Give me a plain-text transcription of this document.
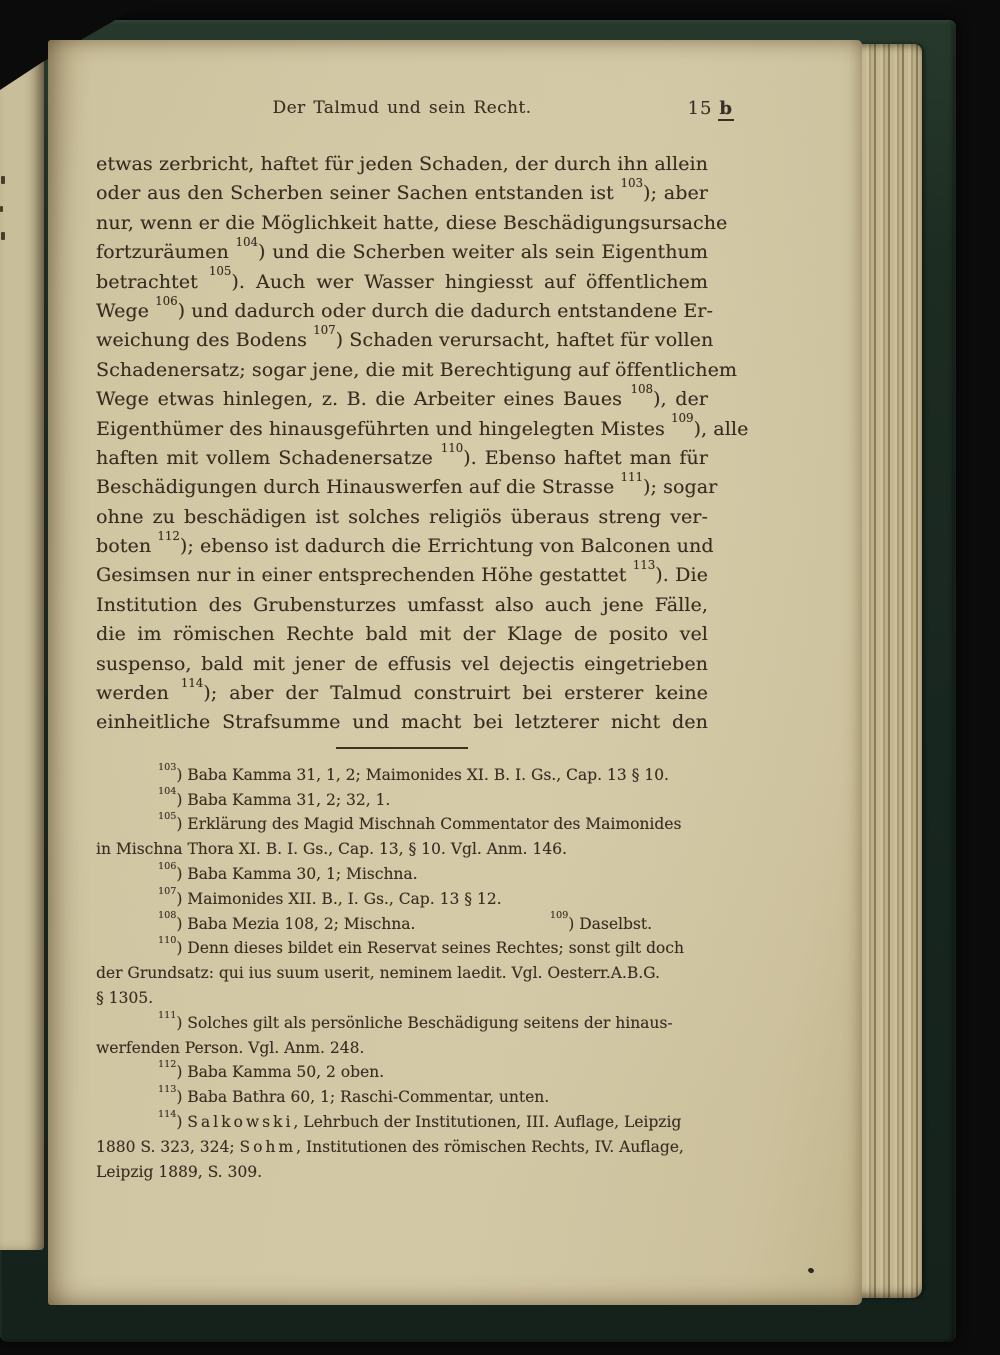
Der Talmud und sein Recht.	15 b
etwas zerbricht, haftet für jeden Schaden, der durch ihn allein
oder aus den Scherben seiner Sachen entstanden ist $^{103}$); aber
nur, wenn er die Möglichkeit hatte, diese Beschädigungsursache
fortzuräumen $^{104}$) und die Scherben weiter als sein Eigenthum
betrachtet $^{105}$). Auch wer Wasser hingiesst auf öffentlichem
Wege $^{106}$) und dadurch oder durch die dadurch entstandene Er-
weichung des Bodens $^{107}$) Schaden verursacht, haftet für vollen
Schadenersatz; sogar jene, die mit Berechtigung auf öffentlichem
Wege etwas hinlegen, z. B. die Arbeiter eines Baues $^{108}$), der
Eigenthümer des hinausgeführten und hingelegten Mistes $^{109}$), alle
haften mit vollem Schadenersatze $^{110}$). Ebenso haftet man für
Beschädigungen durch Hinauswerfen auf die Strasse $^{111}$); sogar
ohne zu beschädigen ist solches religiös überaus streng ver-
boten $^{112}$); ebenso ist dadurch die Errichtung von Balconen und
Gesimsen nur in einer entsprechenden Höhe gestattet $^{113}$). Die
Institution des Grubensturzes umfasst also auch jene Fälle,
die im römischen Rechte bald mit der Klage de posito vel
suspenso, bald mit jener de effusis vel dejectis eingetrieben
werden $^{114}$); aber der Talmud construirt bei ersterer keine
einheitliche Strafsumme und macht bei letzterer nicht den
$^{103}$) Baba Kamma 31, 1, 2; Maimonides XI. B. I. Gs., Cap. 13 § 10.
$^{104}$) Baba Kamma 31, 2; 32, 1.
$^{105}$) Erklärung des Magid Mischnah Commentator des Maimonides
in Mischna Thora XI. B. I. Gs., Cap. 13, § 10. Vgl. Anm. 146.
$^{106}$) Baba Kamma 30, 1; Mischna.
$^{107}$) Maimonides XII. B., I. Gs., Cap. 13 § 12.
$^{108}$) Baba Mezia 108, 2; Mischna.	$^{109}$) Daselbst.
$^{110}$) Denn dieses bildet ein Reservat seines Rechtes; sonst gilt doch
der Grundsatz: qui ius suum userit, neminem laedit. Vgl. Oesterr.A.B.G.
§ 1305.
$^{111}$) Solches gilt als persönliche Beschädigung seitens der hinaus-
werfenden Person. Vgl. Anm. 248.
$^{112}$) Baba Kamma 50, 2 oben.
$^{113}$) Baba Bathra 60, 1; Raschi-Commentar, unten.
$^{114}$) Salkowski, Lehrbuch der Institutionen, III. Auflage, Leipzig
1880 S. 323, 324; Sohm, Institutionen des römischen Rechts, IV. Auflage,
Leipzig 1889, S. 309.
